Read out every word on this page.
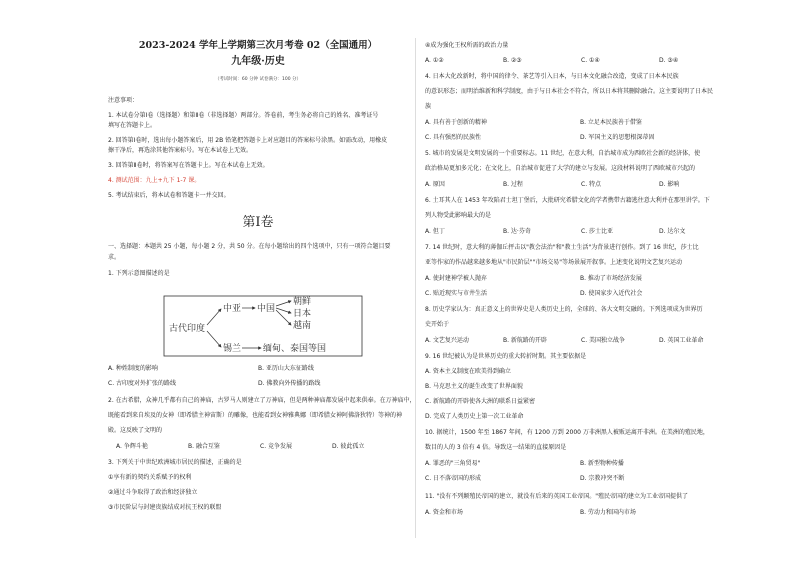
2023-2024 学年上学期第三次月考卷 02（全国通用）
九年级·历史
（考试时间：60 分钟 试卷满分：100 分）
注意事项：
1. 本试卷分第Ⅰ卷（选择题）和第Ⅱ卷（非选择题）两部分。答卷前，考生务必将自己的姓名、准考证号
填写在答题卡上。
2. 回答第Ⅰ卷时，选出每小题答案后，用 2B 铅笔把答题卡上对应题目的答案标号涂黑。如需改动，用橡皮
擦干净后，再选涂其他答案标号。写在本试卷上无效。
3. 回答第Ⅱ卷时，将答案写在答题卡上。写在本试卷上无效。
4. 测试范围：九上+九下 1-7 课。
5. 考试结束后，将本试卷和答题卡一并交回。
第Ⅰ卷
一、选择题：本题共 25 小题，每小题 2 分，共 50 分。在每小题给出的四个选项中，只有一项符合题目要
求。
1. 下列示意图描述的是
古代印度
中亚 中国
朝鲜
日本
越南
锡兰 缅甸、泰国等国
A. 种姓制度的影响	B. 亚历山大东征路线
C. 古印度对外扩张的路线	D. 佛教向外传播的路线
2. 在古希腊，众神几乎都有自己的神庙，古罗马人则建立了万神庙，但是两种神庙都发展中起来供奉。在万神庙中，
既能看到来自埃及的女神（即希腊主神宙斯）的雕像，也能看到女神雅典娜（即希腊女神阿佛洛狄特）等神的神
殿。这反映了文明的
A. 争辉斗艳	B. 融合互鉴	C. 竞争发展	D. 彼此孤立
3. 下列关于中世纪欧洲城市居民的描述，正确的是
①享有新的契约关系赋予的权利
②通过斗争取得了政治和经济独立
③市民阶层与封建贵族结成对抗王权的联盟
④成为强化王权所需的政治力量
A. ①②	B. ②③	C. ①④	D. ③④
4. 日本大化改新时，将中国的律令、茶艺等引入日本，与日本文化融合改造，变成了日本本民族
的意识形态；而明治维新和科学制度，由于与日本社会不符合，所以日本将其删除融合。这主要说明了日本民
族
A. 具有善于创新的精神	B. 立足本民族善于借鉴
C. 具有强烈的民族性	D. 军国主义的思想根深蒂固
5. 城市的发展是文明发展的一个重要标志。11 世纪，在意大利，自治城市成为西欧社会新的经济体，使
政治格局更加多元化；在文化上，自治城市促进了大学的建立与发展。这段材料说明了西欧城市兴起的
A. 原因	B. 过程	C. 特点	D. 影响
6. 土耳其人在 1453 年攻陷君士坦丁堡后，大批研究希腊文化的学者携带古籍逃往意大利并在那里讲学。下
列人物受此影响最大的是
A. 但丁	B. 达·芬奇	C. 莎士比亚	D. 达尔文
7. 14 世纪时，意大利的薄伽丘抨击以"教会法治"和"教士生活"为背景进行创作。到了 16 世纪，莎士比
亚等作家的作品越来越多地从"市民阶层""市场交易"等场景展开叙事。上述变化说明文艺复兴运动
A. 使封建神学被人抛弃	B. 推动了市场经济发展
C. 贴近现实与市井生活	D. 使国家步入近代社会
8. 历史学家认为：真正意义上的世界史是人类历史上的，全球的、各大文明交融的。下列选项成为世界历
史开始于
A. 文艺复兴运动	B. 新航路的开辟	C. 美国独立战争	D. 英国工业革命
9. 16 世纪被认为是世界历史的重大转折时期。其主要依据是
A. 资本主义制度在欧美得到确立
B. 马克思主义的诞生改变了世界面貌
C. 新航路的开辟使各大洲的联系日益紧密
D. 完成了人类历史上第一次工业革命
10. 据统计，1500 年至 1867 年间，有 1200 万到 2000 万非洲黑人被贩运离开非洲。在美洲的殖民地，
数目的人的 3 倍有 4 倍。导致这一结果的直接原因是
A. 罪恶的"三角贸易"	B. 新型物种传播
C. 日不落帝国的形成	D. 宗教冲突不断
11. "没有不列颠殖民帝国的建立，就没有后来的英国工业帝国。"殖民帝国的建立为工业帝国提供了
A. 资金和市场	B. 劳动力和国内市场
